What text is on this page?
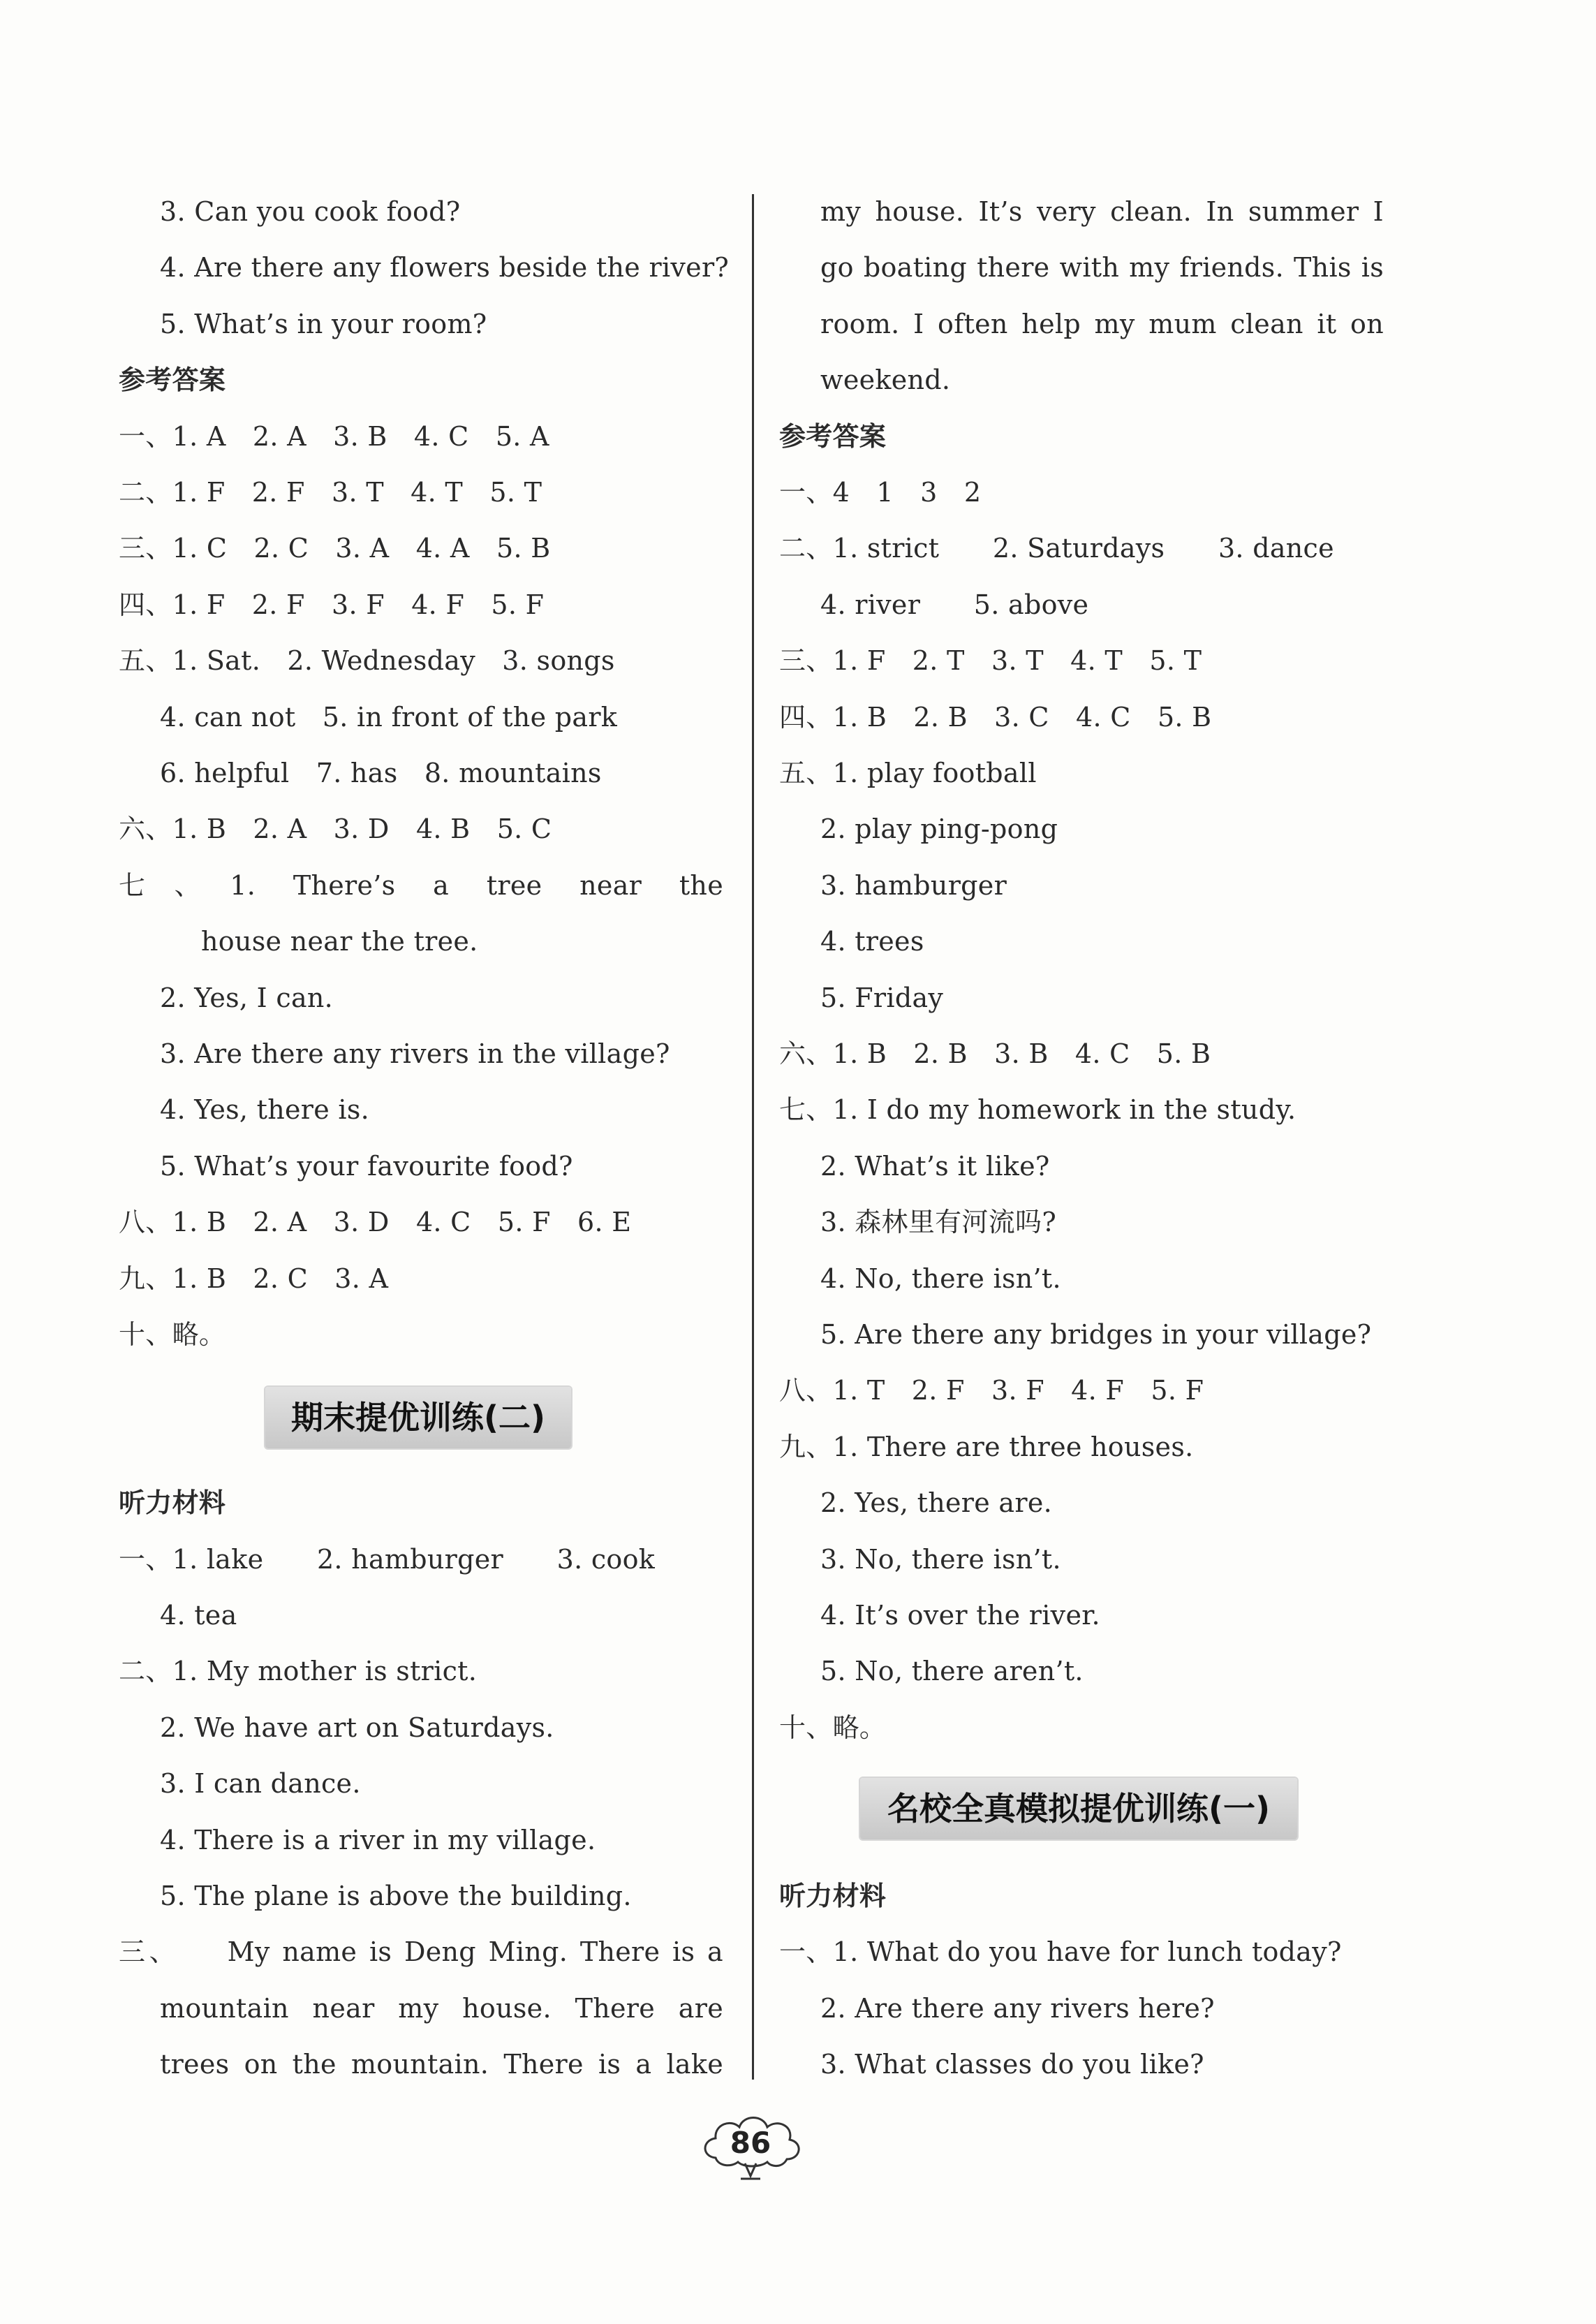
3. Can you cook food?
4. Are there any flowers beside the river?
5. What’s in your room?
参考答案
一、1. A　2. A　3. B　4. C　5. A
二、1. F　2. F　3. T　4. T　5. T
三、1. C　2. C　3. A　4. A　5. B
四、1. F　2. F　3. F　4. F　5. F
五、1. Sat.　2. Wednesday　3. songs
4. can not　5. in front of the park
6. helpful　7. has　8. mountains
六、1. B　2. A　3. D　4. B　5. C
七、1. There’s a tree near the
house near the tree.
2. Yes, I can.
3. Are there any rivers in the village?
4. Yes, there is.
5. What’s your favourite food?
八、1. B　2. A　3. D　4. C　5. F　6. E
九、1. B　2. C　3. A
十、略。
听力材料
一、1. lake　　2. hamburger　　3. cook
4. tea
二、1. My mother is strict.
2. We have art on Saturdays.
3. I can dance.
4. There is a river in my village.
5. The plane is above the building.
三、　　My name is Deng Ming. There is a
mountain near my house. There are
trees on the mountain. There is a lake
my house. It’s very clean. In summer I
go boating there with my friends. This is
room. I often help my mum clean it on
weekend.
参考答案
一、4　1　3　2
二、1. strict　　2. Saturdays　　3. dance
4. river　　5. above
三、1. F　2. T　3. T　4. T　5. T
四、1. B　2. B　3. C　4. C　5. B
五、1. play football
2. play ping-pong
3. hamburger
4. trees
5. Friday
六、1. B　2. B　3. B　4. C　5. B
七、1. I do my homework in the study.
2. What’s it like?
3. 森林里有河流吗?
4. No, there isn’t.
5. Are there any bridges in your village?
八、1. T　2. F　3. F　4. F　5. F
九、1. There are three houses.
2. Yes, there are.
3. No, there isn’t.
4. It’s over the river.
5. No, there aren’t.
十、略。
听力材料
一、1. What do you have for lunch today?
2. Are there any rivers here?
3. What classes do you like?
期末提优训练(二)
名校全真模拟提优训练(一)
86
